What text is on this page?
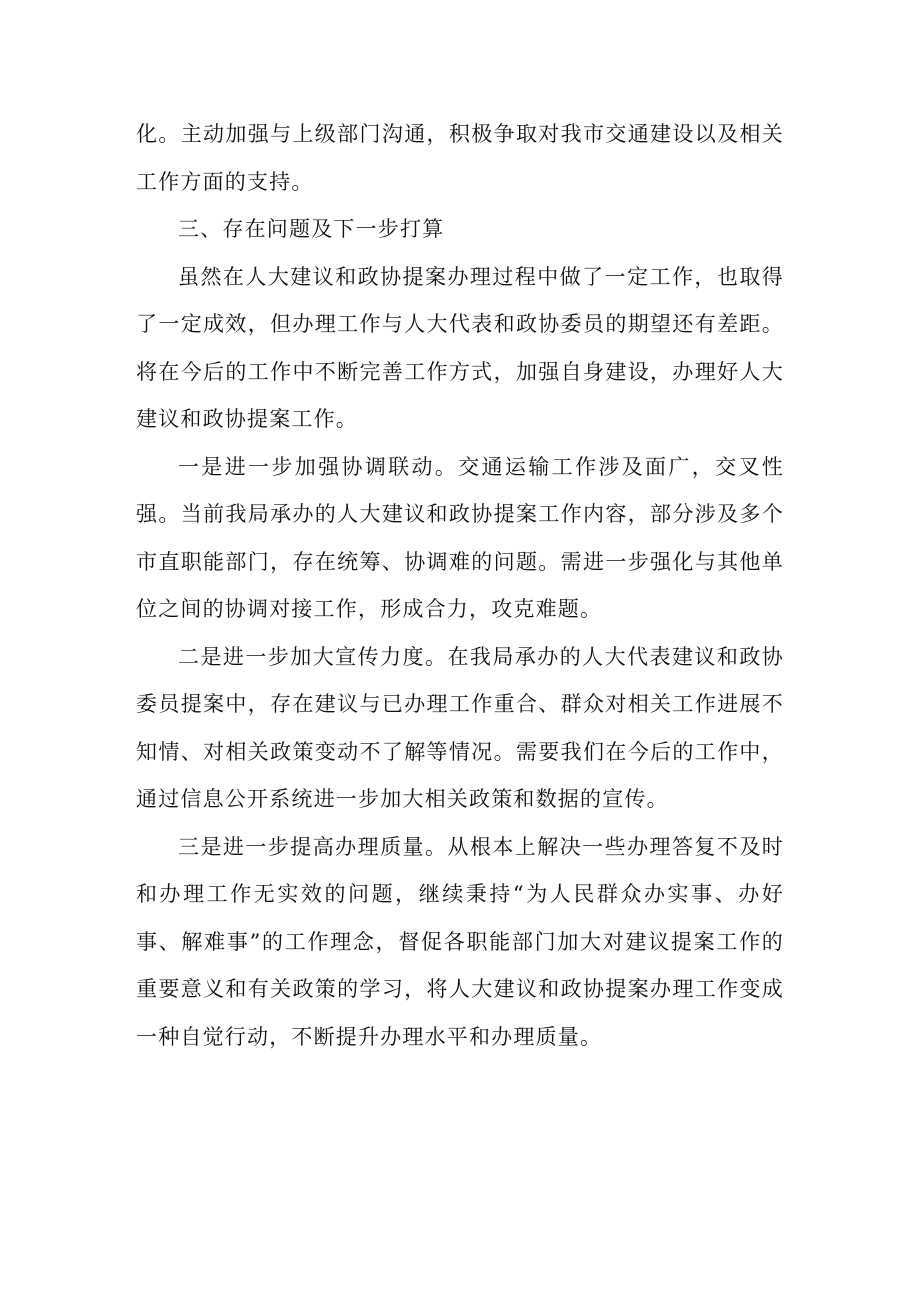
化。主动加强与上级部门沟通，积极争取对我市交通建设以及相关工作方面的支持。

三、存在问题及下一步打算

虽然在人大建议和政协提案办理过程中做了一定工作，也取得了一定成效，但办理工作与人大代表和政协委员的期望还有差距。将在今后的工作中不断完善工作方式，加强自身建设，办理好人大建议和政协提案工作。

一是进一步加强协调联动。交通运输工作涉及面广，交叉性强。当前我局承办的人大建议和政协提案工作内容，部分涉及多个市直职能部门，存在统筹、协调难的问题。需进一步强化与其他单位之间的协调对接工作，形成合力，攻克难题。

二是进一步加大宣传力度。在我局承办的人大代表建议和政协委员提案中，存在建议与已办理工作重合、群众对相关工作进展不知情、对相关政策变动不了解等情况。需要我们在今后的工作中，通过信息公开系统进一步加大相关政策和数据的宣传。

三是进一步提高办理质量。从根本上解决一些办理答复不及时和办理工作无实效的问题，继续秉持“为人民群众办实事、办好事、解难事”的工作理念，督促各职能部门加大对建议提案工作的重要意义和有关政策的学习，将人大建议和政协提案办理工作变成一种自觉行动，不断提升办理水平和办理质量。
